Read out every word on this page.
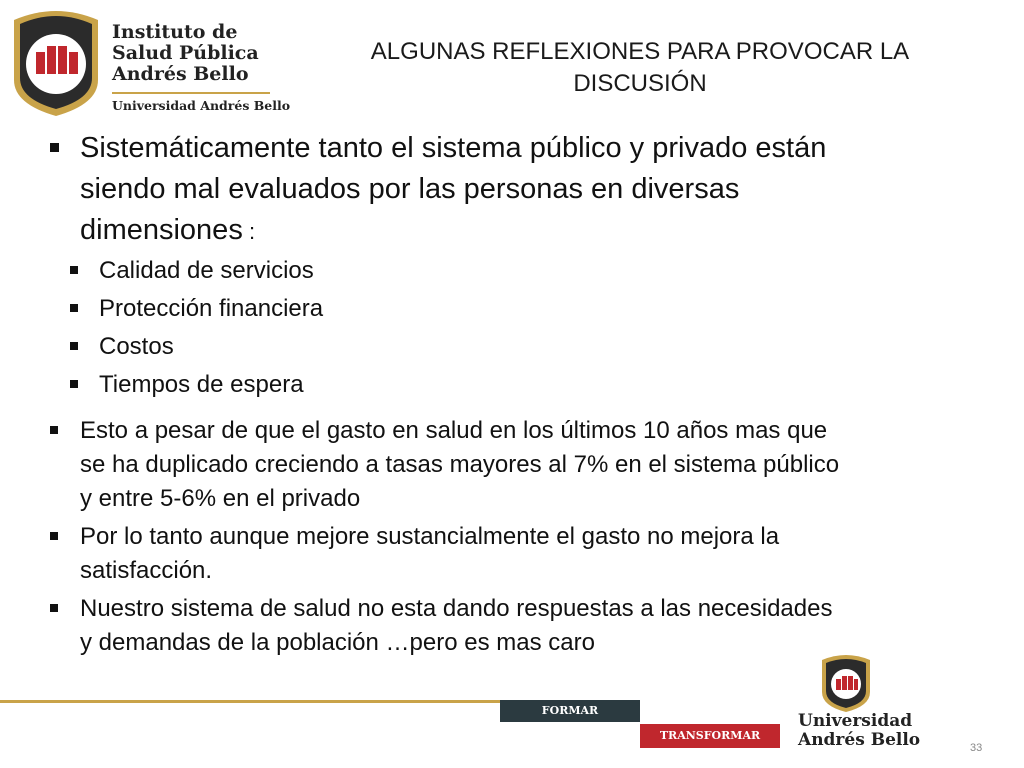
Instituto de
Salud Pública
Andrés Bello
Universidad Andrés Bello
ALGUNAS REFLEXIONES PARA PROVOCAR LA
DISCUSIÓN
Sistemáticamente tanto el sistema público y privado están
siendo mal evaluados por las personas en diversas
dimensiones :
Calidad de servicios
Protección financiera
Costos
Tiempos de espera
Esto a pesar de que el gasto en salud en los últimos 10 años mas que
se ha duplicado creciendo a tasas mayores al 7% en el sistema público
y entre 5-6% en el privado
Por lo tanto aunque mejore sustancialmente el gasto no mejora la
satisfacción.
Nuestro sistema de salud no esta dando respuestas a las necesidades
y demandas de la población …pero es mas caro
FORMAR
TRANSFORMAR
Universidad
Andrés Bello	33
